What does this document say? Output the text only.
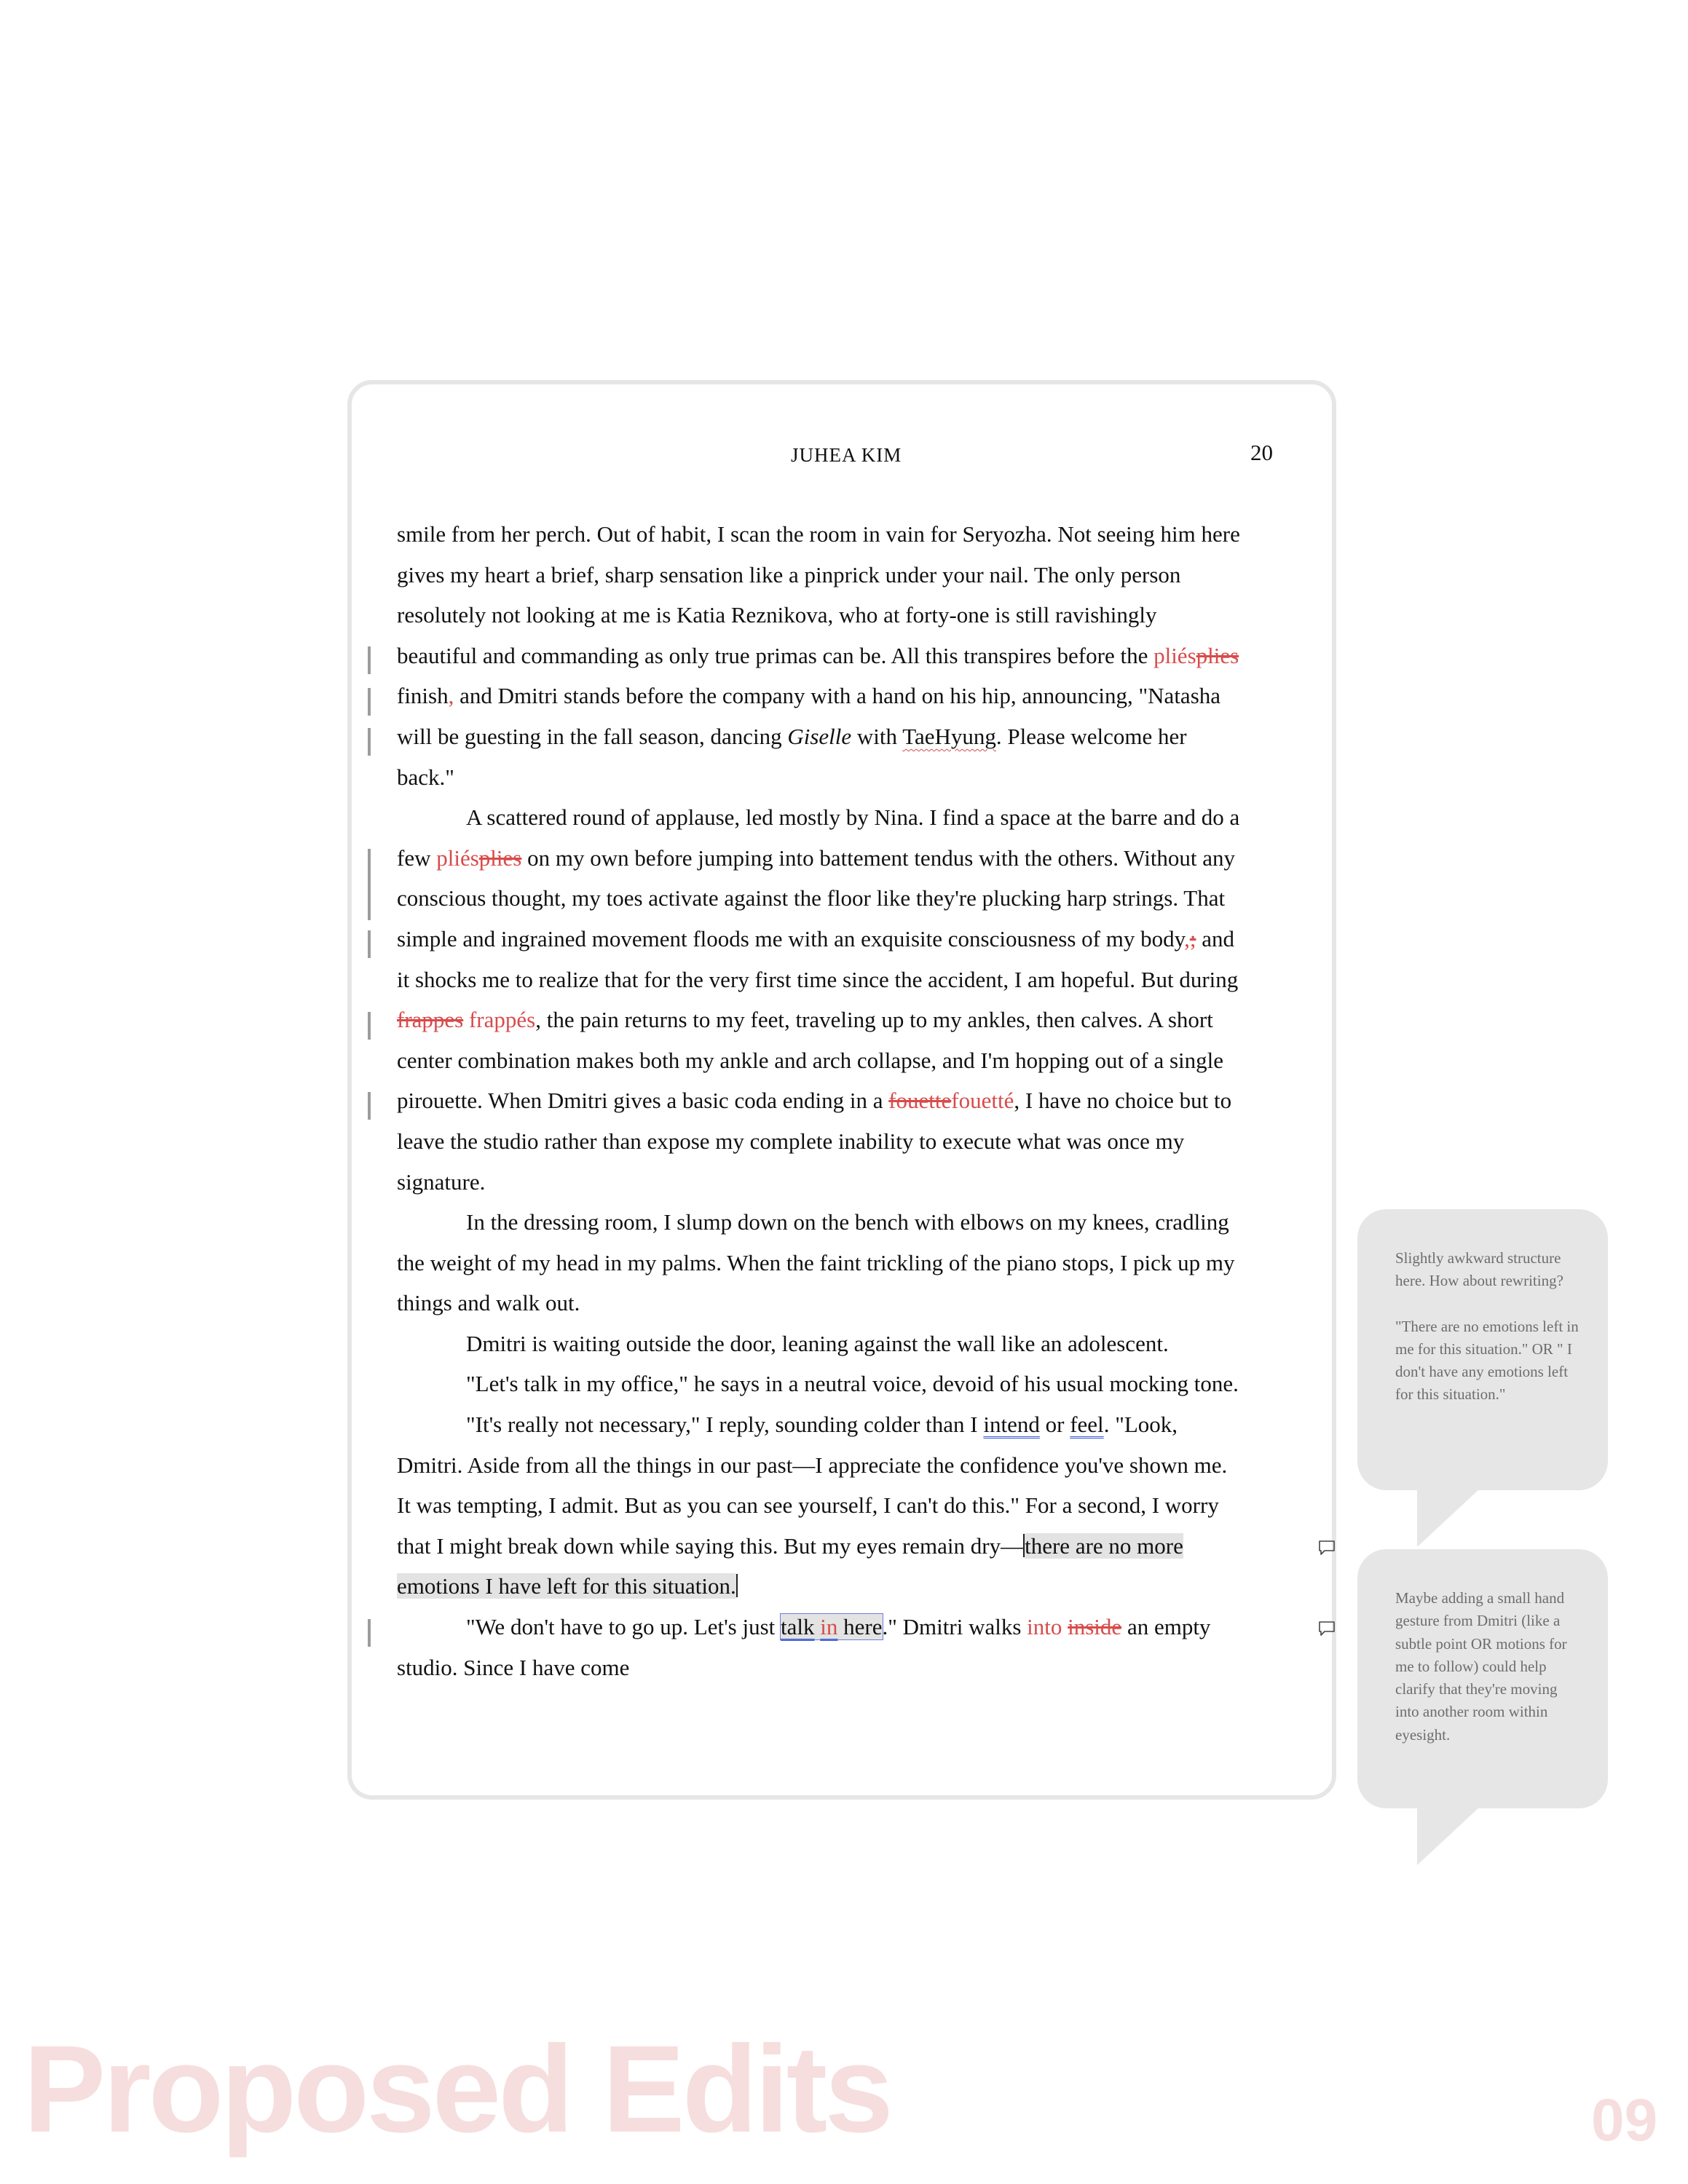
JUHEA KIM	20
smile from her perch. Out of habit, I scan the room in vain for Seryozha. Not seeing him here
gives my heart a brief, sharp sensation like a pinprick under your nail. The only person
resolutely not looking at me is Katia Reznikova, who at forty-one is still ravishingly
beautiful and commanding as only true primas can be. All this transpires before the pliésplies
finish, and Dmitri stands before the company with a hand on his hip, announcing, "Natasha
will be guesting in the fall season, dancing Giselle with TaeHyung. Please welcome her
back."
A scattered round of applause, led mostly by Nina. I find a space at the barre and do a
few pliésplies on my own before jumping into battement tendus with the others. Without any
conscious thought, my toes activate against the floor like they're plucking harp strings. That
simple and ingrained movement floods me with an exquisite consciousness of my body,; and
it shocks me to realize that for the very first time since the accident, I am hopeful. But during
frappes frappés, the pain returns to my feet, traveling up to my ankles, then calves. A short
center combination makes both my ankle and arch collapse, and I'm hopping out of a single
pirouette. When Dmitri gives a basic coda ending in a fouettefouetté, I have no choice but to
leave the studio rather than expose my complete inability to execute what was once my
signature.
In the dressing room, I slump down on the bench with elbows on my knees, cradling
the weight of my head in my palms. When the faint trickling of the piano stops, I pick up my
things and walk out.
Dmitri is waiting outside the door, leaning against the wall like an adolescent.
"Let's talk in my office," he says in a neutral voice, devoid of his usual mocking tone.
"It's really not necessary," I reply, sounding colder than I intend or feel. "Look,
Dmitri. Aside from all the things in our past—I appreciate the confidence you've shown me.
It was tempting, I admit. But as you can see yourself, I can't do this." For a second, I worry
that I might break down while saying this. But my eyes remain dry—there are no more
emotions I have left for this situation.
"We don't have to go up. Let's just talk in here." Dmitri walks into inside an empty
studio. Since I have come

Slightly awkward structure here. How about rewriting?

"There are no emotions left in me for this situation." OR " I don't have any emotions left for this situation."

Maybe adding a small hand gesture from Dmitri (like a subtle point OR motions for me to follow) could help clarify that they're moving into another room within eyesight.

Proposed Edits	09
